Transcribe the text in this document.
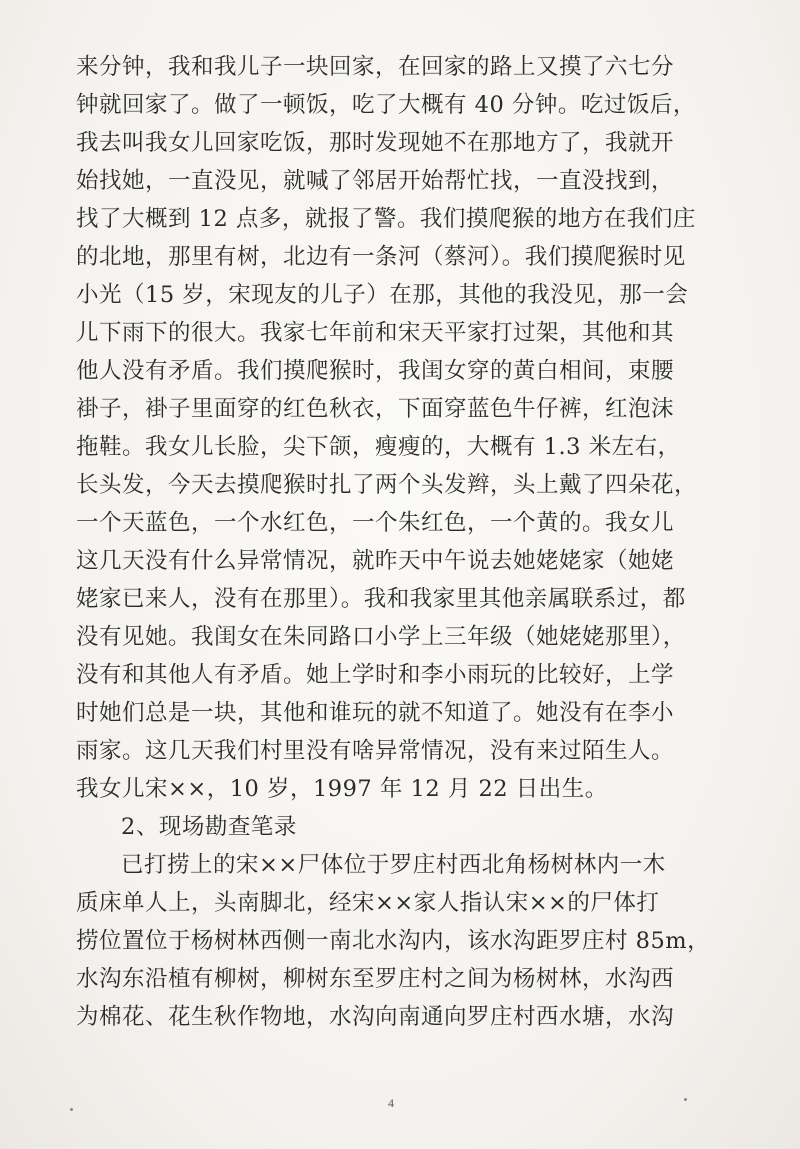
来分钟，我和我儿子一块回家，在回家的路上又摸了六七分
钟就回家了。做了一顿饭，吃了大概有 40 分钟。吃过饭后，
我去叫我女儿回家吃饭，那时发现她不在那地方了，我就开
始找她，一直没见，就喊了邻居开始帮忙找，一直没找到，
找了大概到 12 点多，就报了警。我们摸爬猴的地方在我们庄
的北地，那里有树，北边有一条河（蔡河）。我们摸爬猴时见
小光（15 岁，宋现友的儿子）在那，其他的我没见，那一会
儿下雨下的很大。我家七年前和宋天平家打过架，其他和其
他人没有矛盾。我们摸爬猴时，我闺女穿的黄白相间，束腰
褂子，褂子里面穿的红色秋衣，下面穿蓝色牛仔裤，红泡沫
拖鞋。我女儿长脸，尖下颌，瘦瘦的，大概有 1.3 米左右，
长头发，今天去摸爬猴时扎了两个头发辫，头上戴了四朵花，
一个天蓝色，一个水红色，一个朱红色，一个黄的。我女儿
这几天没有什么异常情况，就昨天中午说去她姥姥家（她姥
姥家已来人，没有在那里）。我和我家里其他亲属联系过，都
没有见她。我闺女在朱同路口小学上三年级（她姥姥那里），
没有和其他人有矛盾。她上学时和李小雨玩的比较好，上学
时她们总是一块，其他和谁玩的就不知道了。她没有在李小
雨家。这几天我们村里没有啥异常情况，没有来过陌生人。
我女儿宋××，10 岁，1997 年 12 月 22 日出生。
2、现场勘查笔录
已打捞上的宋××尸体位于罗庄村西北角杨树林内一木
质床单人上，头南脚北，经宋××家人指认宋××的尸体打
捞位置位于杨树林西侧一南北水沟内，该水沟距罗庄村 85m，
水沟东沿植有柳树，柳树东至罗庄村之间为杨树林，水沟西
为棉花、花生秋作物地，水沟向南通向罗庄村西水塘，水沟
4
